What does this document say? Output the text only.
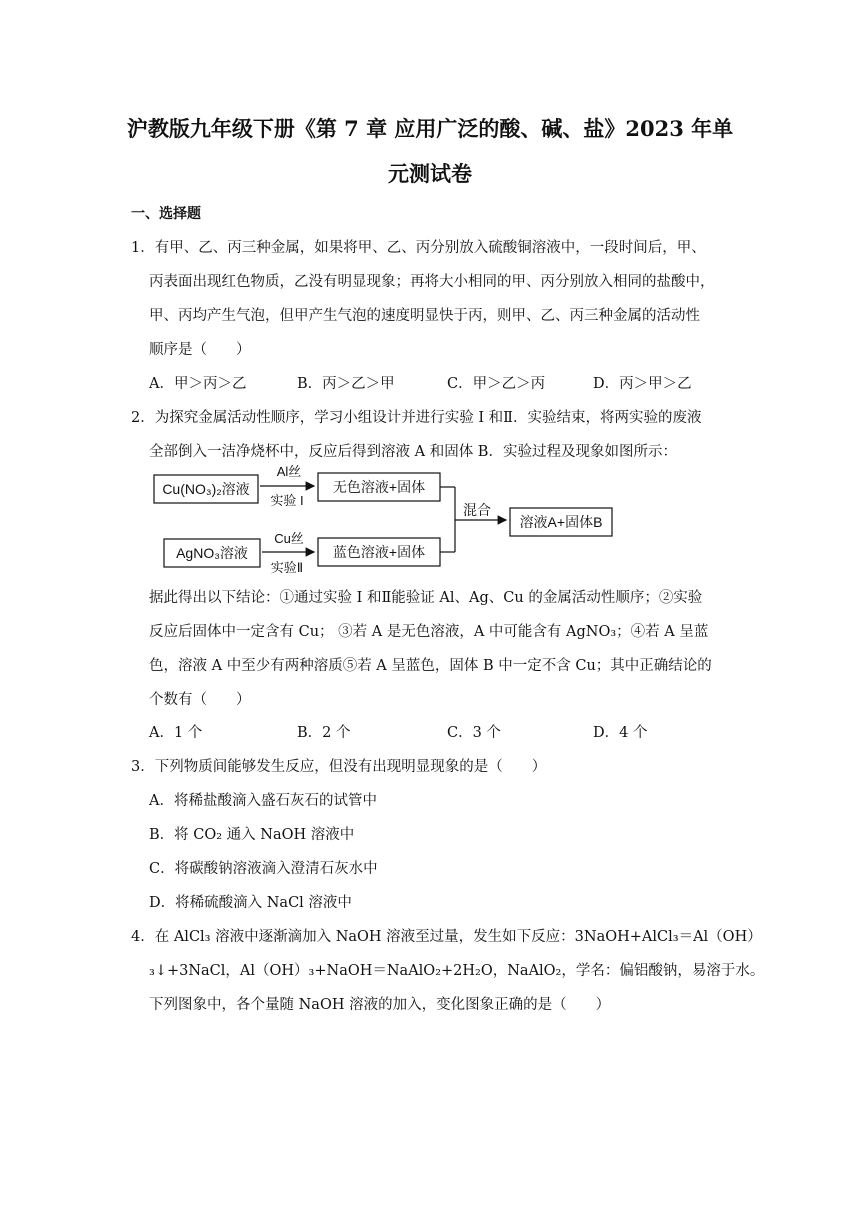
沪教版九年级下册《第 7 章 应用广泛的酸、碱、盐》2023 年单
元测试卷
一、选择题
1．有甲、乙、丙三种金属，如果将甲、乙、丙分别放入硫酸铜溶液中，一段时间后，甲、
丙表面出现红色物质，乙没有明显现象；再将大小相同的甲、丙分别放入相同的盐酸中，
甲、丙均产生气泡，但甲产生气泡的速度明显快于丙，则甲、乙、丙三种金属的活动性
顺序是（　　）
A．甲＞丙＞乙	B．丙＞乙＞甲	C．甲＞乙＞丙	D．丙＞甲＞乙
2．为探究金属活动性顺序，学习小组设计并进行实验 I 和Ⅱ．实验结束，将两实验的废液
全部倒入一洁净烧杯中，反应后得到溶液 A 和固体 B．实验过程及现象如图所示：
Cu(NO₃)₂溶液
Al丝
实验 I
无色溶液+固体
AgNO₃溶液
Cu丝
实验Ⅱ
蓝色溶液+固体
混合
溶液A+固体B
据此得出以下结论：①通过实验 I 和Ⅱ能验证 Al、Ag、Cu 的金属活动性顺序；②实验
反应后固体中一定含有 Cu； ③若 A 是无色溶液，A 中可能含有 AgNO₃；④若 A 呈蓝
色，溶液 A 中至少有两种溶质⑤若 A 呈蓝色，固体 B 中一定不含 Cu；其中正确结论的
个数有（　　）
A．1 个	B．2 个	C．3 个	D．4 个
3．下列物质间能够发生反应，但没有出现明显现象的是（　　）
A．将稀盐酸滴入盛石灰石的试管中
B．将 CO₂ 通入 NaOH 溶液中
C．将碳酸钠溶液滴入澄清石灰水中
D．将稀硫酸滴入 NaCl 溶液中
4．在 AlCl₃ 溶液中逐渐滴加入 NaOH 溶液至过量，发生如下反应：3NaOH+AlCl₃＝Al（OH）
₃↓+3NaCl，Al（OH）₃+NaOH＝NaAlO₂+2H₂O，NaAlO₂，学名：偏铝酸钠，易溶于水。
下列图象中，各个量随 NaOH 溶液的加入，变化图象正确的是（　　）
